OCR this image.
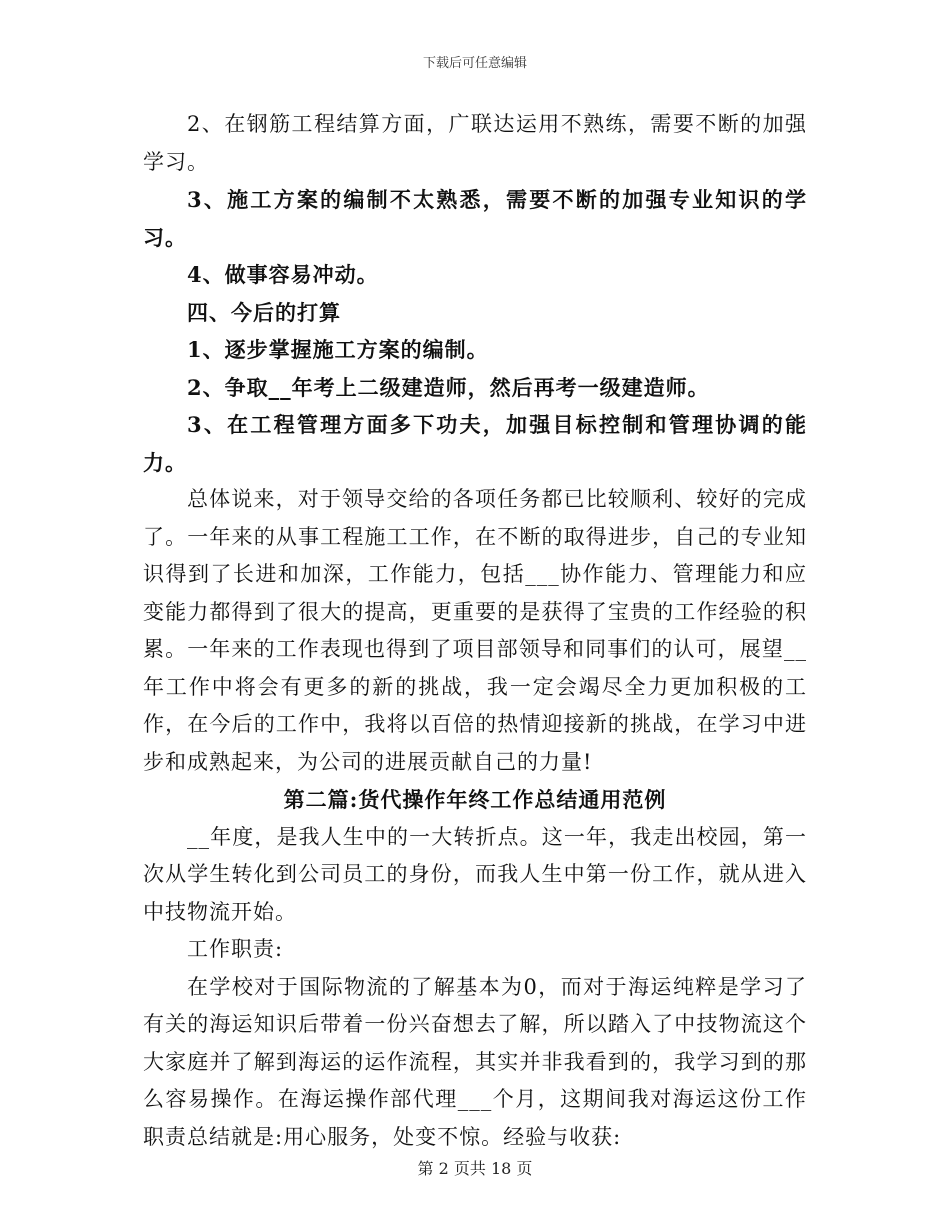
下载后可任意编辑

2、在钢筋工程结算方面，广联达运用不熟练，需要不断的加强学习。

3、施工方案的编制不太熟悉，需要不断的加强专业知识的学习。

4、做事容易冲动。

四、今后的打算

1、逐步掌握施工方案的编制。

2、争取__年考上二级建造师，然后再考一级建造师。

3、在工程管理方面多下功夫，加强目标控制和管理协调的能力。

总体说来，对于领导交给的各项任务都已比较顺利、较好的完成了。一年来的从事工程施工工作，在不断的取得进步，自己的专业知识得到了长进和加深，工作能力，包括___协作能力、管理能力和应变能力都得到了很大的提高，更重要的是获得了宝贵的工作经验的积累。一年来的工作表现也得到了项目部领导和同事们的认可，展望__年工作中将会有更多的新的挑战，我一定会竭尽全力更加积极的工作，在今后的工作中，我将以百倍的热情迎接新的挑战，在学习中进步和成熟起来，为公司的进展贡献自己的力量!

第二篇:货代操作年终工作总结通用范例

__年度，是我人生中的一大转折点。这一年，我走出校园，第一次从学生转化到公司员工的身份，而我人生中第一份工作，就从进入中技物流开始。

工作职责:

在学校对于国际物流的了解基本为0，而对于海运纯粹是学习了有关的海运知识后带着一份兴奋想去了解，所以踏入了中技物流这个大家庭并了解到海运的运作流程，其实并非我看到的，我学习到的那么容易操作。在海运操作部代理___个月，这期间我对海运这份工作职责总结就是:用心服务，处变不惊。经验与收获:

第 2 页共 18 页
